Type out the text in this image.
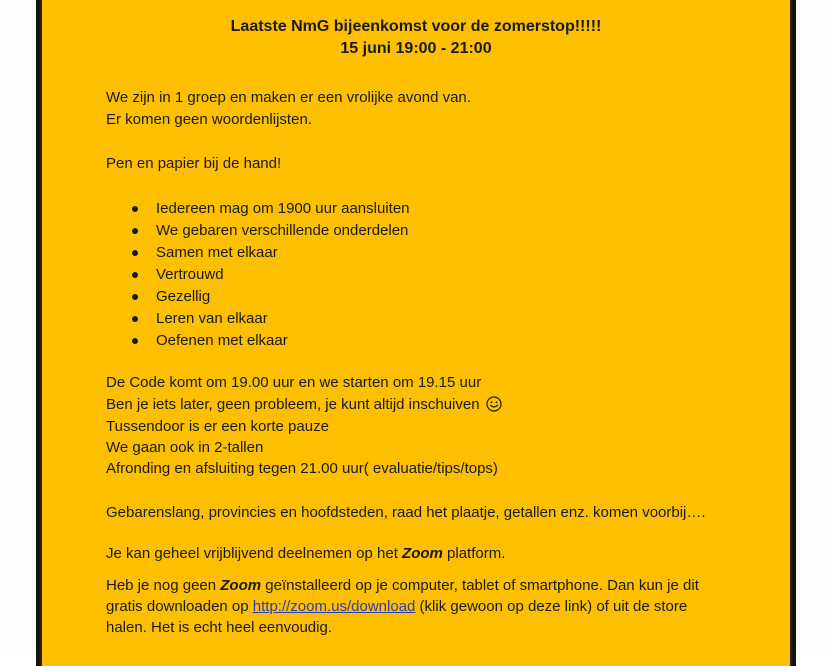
Laatste NmG bijeenkomst voor de zomerstop!!!!!
15 juni 19:00 - 21:00
We zijn in 1 groep en maken er een vrolijke avond van.
Er komen geen woordenlijsten.
Pen en papier bij de hand!
Iedereen mag om 1900 uur aansluiten
We gebaren verschillende onderdelen
Samen met elkaar
Vertrouwd
Gezellig
Leren van elkaar
Oefenen met elkaar
De Code komt om 19.00 uur en we starten om 19.15 uur
Ben je iets later, geen probleem, je kunt altijd inschuiven
Tussendoor is er een korte pauze
We gaan ook in 2-tallen
Afronding en afsluiting tegen 21.00 uur( evaluatie/tips/tops)
Gebarenslang, provincies en hoofdsteden, raad het plaatje, getallen enz. komen voorbij….
Je kan geheel vrijblijvend deelnemen op het Zoom platform.
Heb je nog geen Zoom geïnstalleerd op je computer, tablet of smartphone. Dan kun je dit
gratis downloaden op http://zoom.us/download (klik gewoon op deze link) of uit de store
halen. Het is echt heel eenvoudig.
